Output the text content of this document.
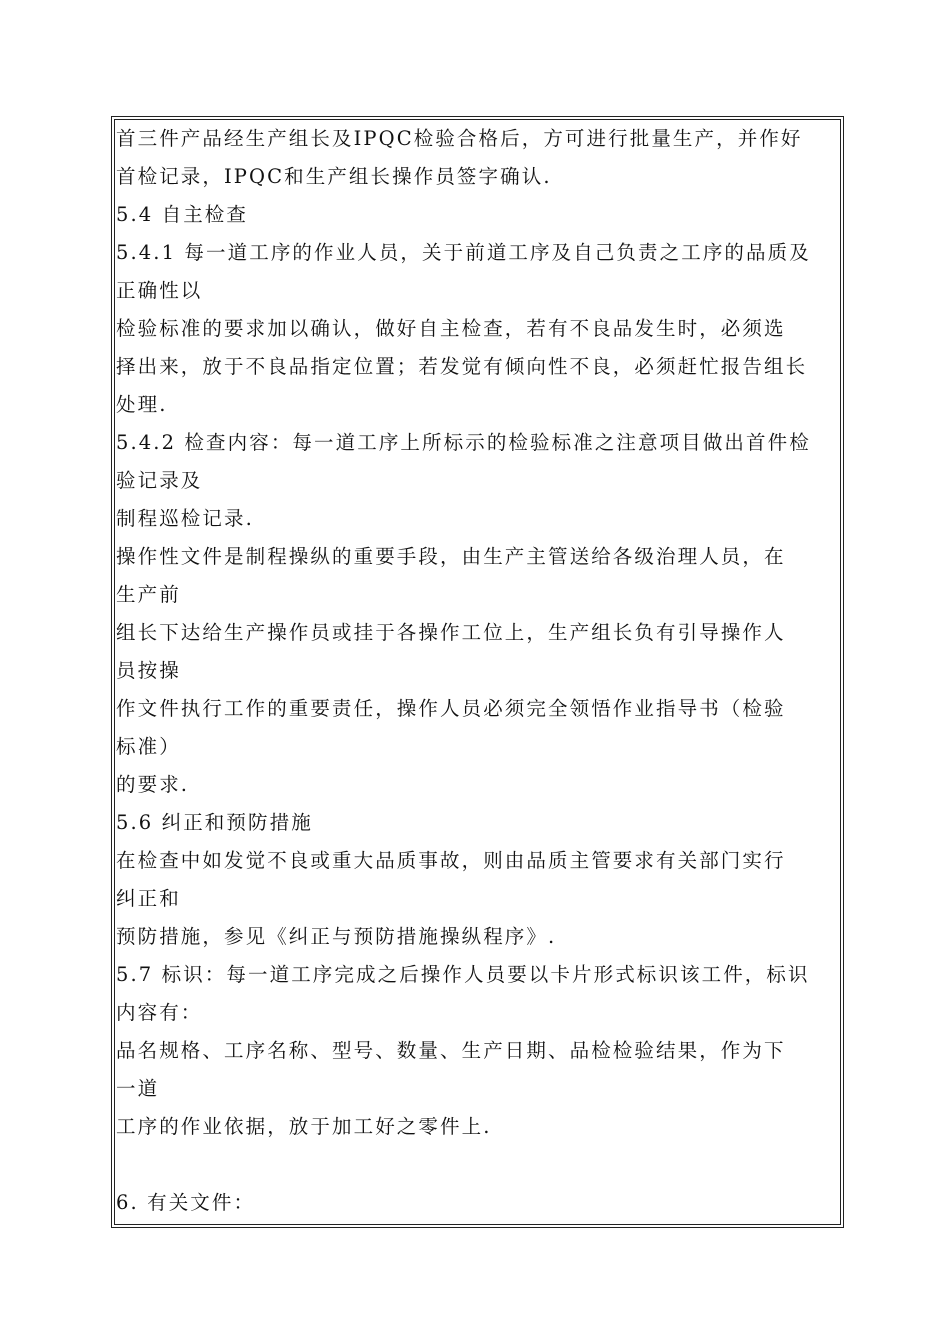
首三件产品经生产组长及IPQC检验合格后，方可进行批量生产，并作好
首检记录，IPQC和生产组长操作员签字确认.
5.4 自主检查
5.4.1 每一道工序的作业人员，关于前道工序及自己负责之工序的品质及
正确性以
检验标准的要求加以确认，做好自主检查，若有不良品发生时，必须选
择出来，放于不良品指定位置；若发觉有倾向性不良，必须赶忙报告组长
处理.
5.4.2 检查内容：每一道工序上所标示的检验标准之注意项目做出首件检
验记录及
制程巡检记录.
操作性文件是制程操纵的重要手段，由生产主管送给各级治理人员，在
生产前
组长下达给生产操作员或挂于各操作工位上，生产组长负有引导操作人
员按操
作文件执行工作的重要责任，操作人员必须完全领悟作业指导书（检验
标准）
的要求.
5.6 纠正和预防措施
在检查中如发觉不良或重大品质事故，则由品质主管要求有关部门实行
纠正和
预防措施，参见《纠正与预防措施操纵程序》.
5.7 标识：每一道工序完成之后操作人员要以卡片形式标识该工件，标识
内容有：
品名规格、工序名称、型号、数量、生产日期、品检检验结果，作为下
一道
工序的作业依据，放于加工好之零件上.
6. 有关文件：
